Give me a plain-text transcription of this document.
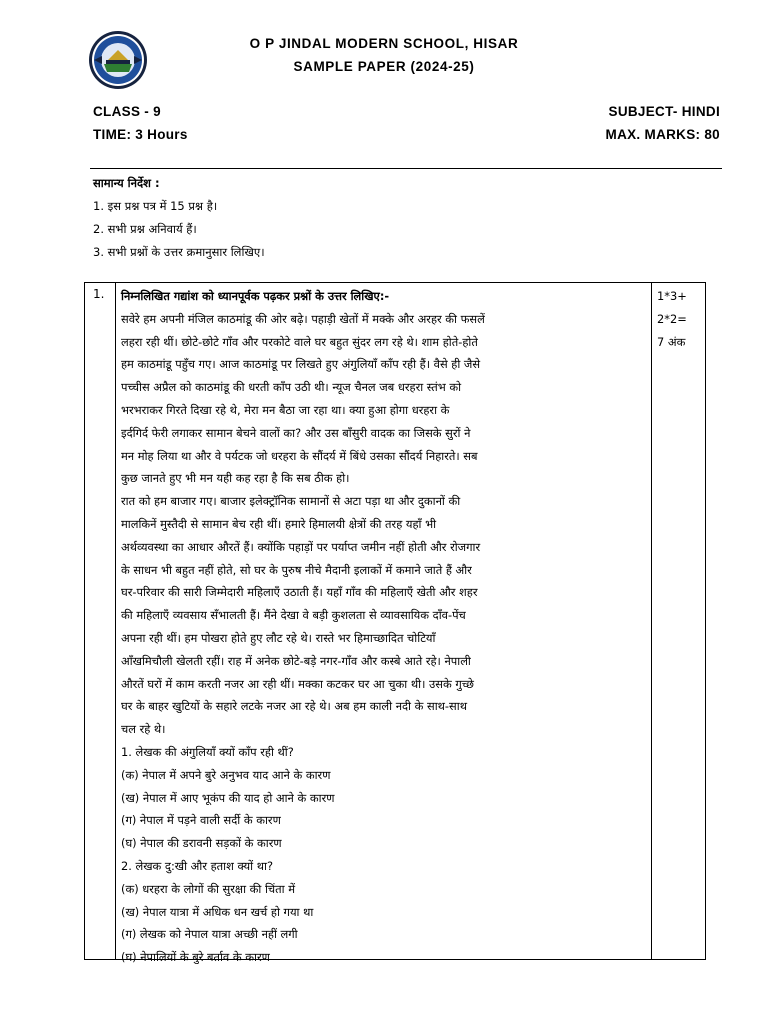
O P JINDAL MODERN SCHOOL, HISAR
SAMPLE PAPER (2024-25)
CLASS - 9
TIME: 3 Hours
SUBJECT- HINDI
MAX. MARKS: 80
सामान्य निर्देश :
1. इस प्रश्न पत्र में 15 प्रश्न है।
2. सभी प्रश्न अनिवार्य हैं।
3. सभी प्रश्नों के उत्तर क्रमानुसार लिखिए।
1. निम्नलिखित गद्यांश को ध्यानपूर्वक पढ़कर प्रश्नों के उत्तर लिखिए:-
सवेरे हम अपनी मंजिल काठमांडू की ओर बढ़े। पहाड़ी खेतों में मक्के और अरहर की फसलें
लहरा रही थीं। छोटे-छोटे गाँव और परकोटे वाले घर बहुत सुंदर लग रहे थे। शाम होते-होते
हम काठमांडू पहुँच गए। आज काठमांडू पर लिखते हुए अंगुलियाँ काँप रही हैं। वैसे ही जैसे
पच्चीस अप्रैल को काठमांडू की धरती काँप उठी थी। न्यूज चैनल जब धरहरा स्तंभ को
भरभराकर गिरते दिखा रहे थे, मेरा मन बैठा जा रहा था। क्या हुआ होगा धरहरा के
इर्दगिर्द फेरी लगाकर सामान बेचने वालों का? और उस बाँसुरी वादक का जिसके सुरों ने
मन मोह लिया था और वे पर्यटक जो धरहरा के सौंदर्य में बिंधे उसका सौंदर्य निहारते। सब
कुछ जानते हुए भी मन यही कह रहा है कि सब ठीक हो।
रात को हम बाजार गए। बाजार इलेक्ट्रॉनिक सामानों से अटा पड़ा था और दुकानों की
मालकिनें मुस्तैदी से सामान बेच रही थीं। हमारे हिमालयी क्षेत्रों की तरह यहाँ भी
अर्थव्यवस्था का आधार औरतें हैं। क्योंकि पहाड़ों पर पर्याप्त जमीन नहीं होती और रोजगार
के साधन भी बहुत नहीं होते, सो घर के पुरुष नीचे मैदानी इलाकों में कमाने जाते हैं और
घर-परिवार की सारी जिम्मेदारी महिलाएँ उठाती हैं। यहाँ गाँव की महिलाएँ खेती और शहर
की महिलाएँ व्यवसाय सँभालती हैं। मैंने देखा वे बड़ी कुशलता से व्यावसायिक दाँव-पेंच
अपना रही थीं। हम पोखरा होते हुए लौट रहे थे। रास्ते भर हिमाच्छादित चोटियाँ
आँखमिचौली खेलती रहीं। राह में अनेक छोटे-बड़े नगर-गाँव और कस्बे आते रहे। नेपाली
औरतें घरों में काम करती नजर आ रही थीं। मक्का कटकर घर आ चुका थी। उसके गुच्छे
घर के बाहर खुटियों के सहारे लटके नजर आ रहे थे। अब हम काली नदी के साथ-साथ
चल रहे थे।
1. लेखक की अंगुलियाँ क्यों काँप रही थीं?
(क) नेपाल में अपने बुरे अनुभव याद आने के कारण
(ख) नेपाल में आए भूकंप की याद हो आने के कारण
(ग) नेपाल में पड़ने वाली सर्दी के कारण
(घ) नेपाल की डरावनी सड़कों के कारण
2. लेखक दु:खी और हताश क्यों था?
(क) धरहरा के लोगों की सुरक्षा की चिंता में
(ख) नेपाल यात्रा में अधिक धन खर्च हो गया था
(ग) लेखक को नेपाल यात्रा अच्छी नहीं लगी
(घ) नेपालियों के बुरे बर्ताव के कारण
1*3+
2*2=
7 अंक
